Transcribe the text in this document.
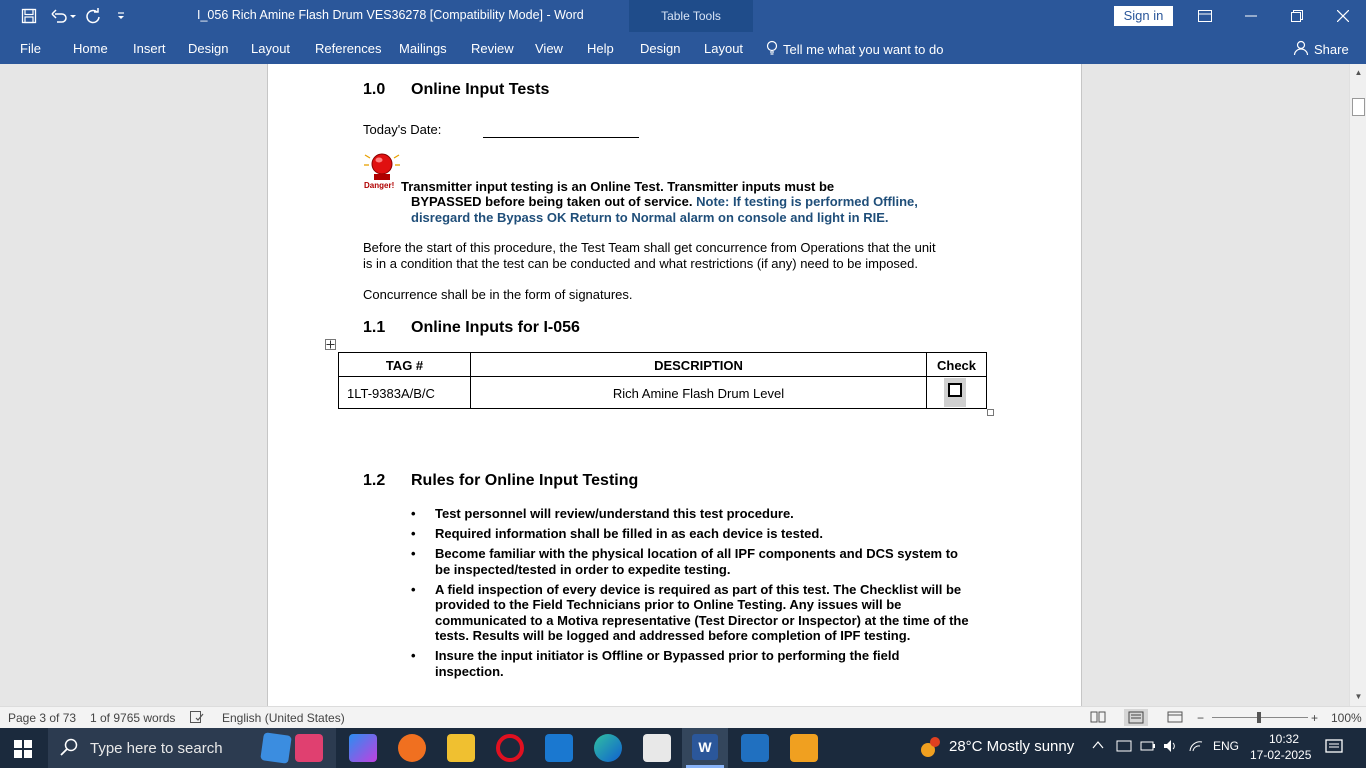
I_056 Rich Amine Flash Drum VES36278 [Compatibility Mode] - Word	Table Tools	Sign in
File Home Insert Design Layout References Mailings Review View Help Design Layout	Tell me what you want to do	Share
1.0 Online Input Tests
Today's Date:
Danger! Transmitter input testing is an Online Test. Transmitter inputs must be
BYPASSED before being taken out of service. Note: If testing is performed Offline,
disregard the Bypass OK Return to Normal alarm on console and light in RIE.
Before the start of this procedure, the Test Team shall get concurrence from Operations that the unit
is in a condition that the test can be conducted and what restrictions (if any) need to be imposed.
Concurrence shall be in the form of signatures.
1.1 Online Inputs for I-056
TAG #	DESCRIPTION	Check
1LT-9383A/B/C	Rich Amine Flash Drum Level
1.2 Rules for Online Input Testing
• Test personnel will review/understand this test procedure.
• Required information shall be filled in as each device is tested.
• Become familiar with the physical location of all IPF components and DCS system to be inspected/tested in order to expedite testing.
• A field inspection of every device is required as part of this test. The Checklist will be provided to the Field Technicians prior to Online Testing. Any issues will be communicated to a Motiva representative (Test Director or Inspector) at the time of the tests. Results will be logged and addressed before completion of IPF testing.
• Insure the input initiator is Offline or Bypassed prior to performing the field inspection.
▲
▼
Page 3 of 73 1 of 9765 words	English (United States)	−	+ 100%
Type here to search	W	28°C Mostly sunny	ENG	10:32
17-02-2025
